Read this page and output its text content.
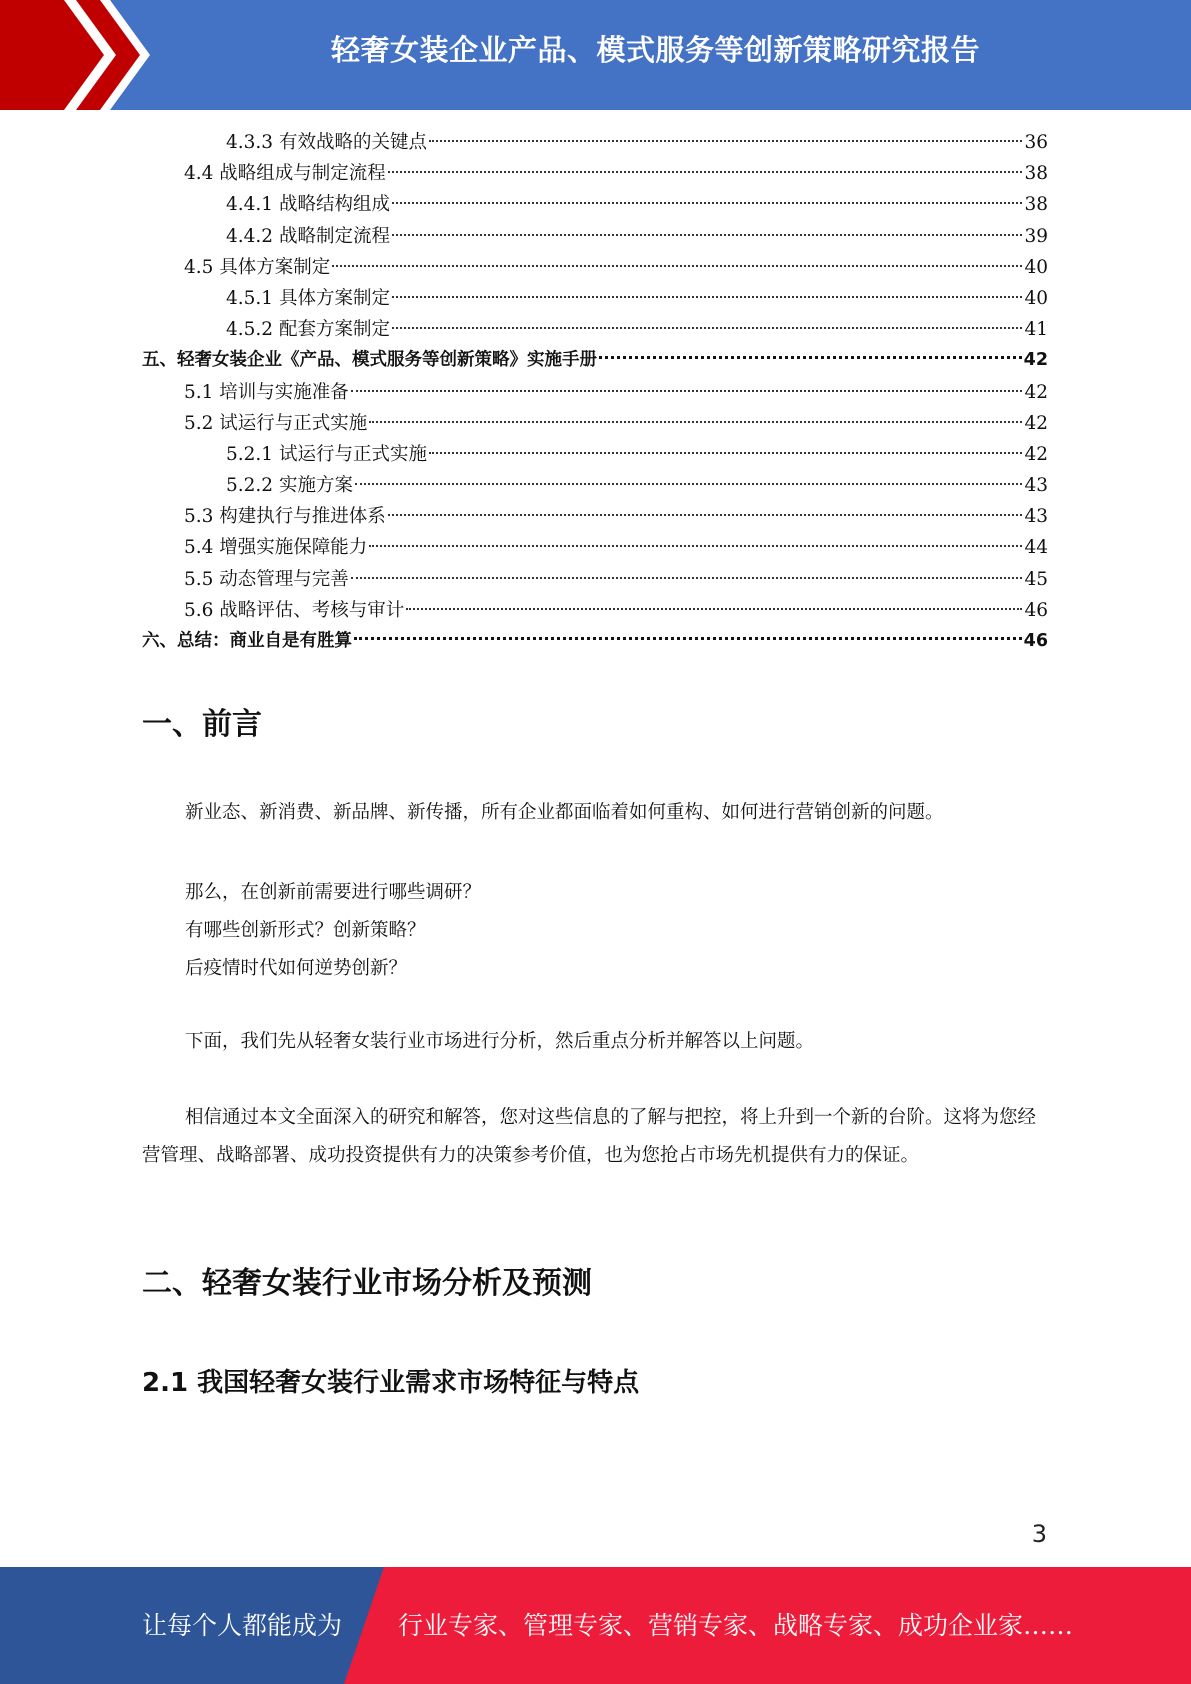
轻奢女装企业产品、模式服务等创新策略研究报告
4.3.3 有效战略的关键点	36
4.4 战略组成与制定流程	38
4.4.1 战略结构组成	38
4.4.2 战略制定流程	39
4.5 具体方案制定	40
4.5.1 具体方案制定	40
4.5.2 配套方案制定	41
五、轻奢女装企业《产品、模式服务等创新策略》实施手册	42
5.1 培训与实施准备	42
5.2 试运行与正式实施	42
5.2.1 试运行与正式实施	42
5.2.2 实施方案	43
5.3 构建执行与推进体系	43
5.4 增强实施保障能力	44
5.5 动态管理与完善	45
5.6 战略评估、考核与审计	46
六、总结：商业自是有胜算	46
一、前言
新业态、新消费、新品牌、新传播，所有企业都面临着如何重构、如何进行营销创新的问题。
那么，在创新前需要进行哪些调研？
有哪些创新形式？创新策略？
后疫情时代如何逆势创新？
下面，我们先从轻奢女装行业市场进行分析，然后重点分析并解答以上问题。
相信通过本文全面深入的研究和解答，您对这些信息的了解与把控，将上升到一个新的台阶。这将为您经营管理、战略部署、成功投资提供有力的决策参考价值，也为您抢占市场先机提供有力的保证。
二、轻奢女装行业市场分析及预测
2.1 我国轻奢女装行业需求市场特征与特点
3
让每个人都能成为 行业专家、管理专家、营销专家、战略专家、成功企业家……
